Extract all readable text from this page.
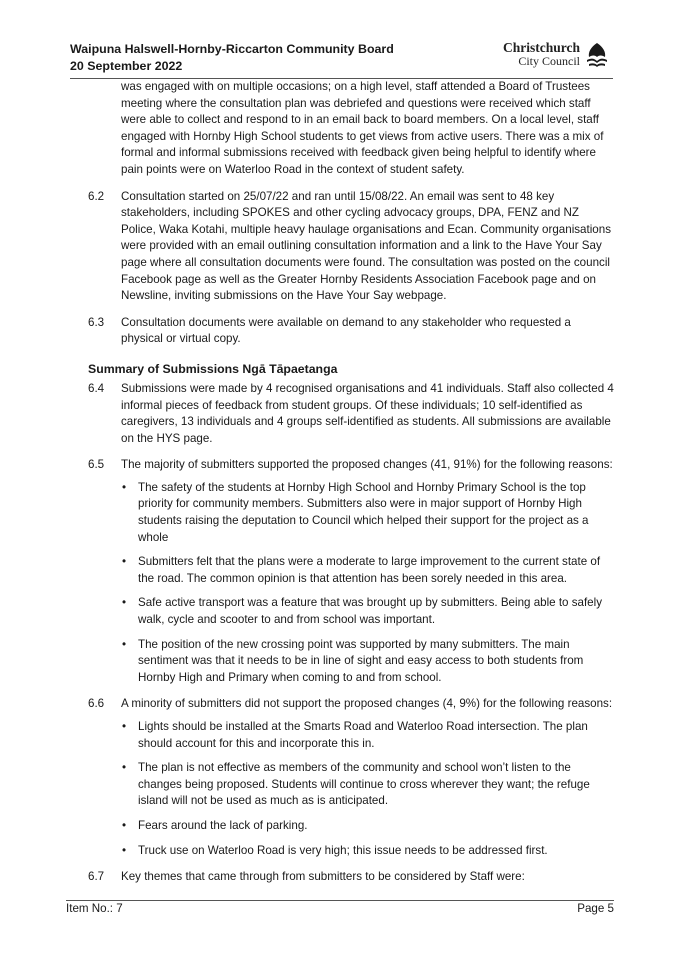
Waipuna Halswell-Hornby-Riccarton Community Board
20 September 2022
Christchurch
City Council
was engaged with on multiple occasions; on a high level, staff attended a Board of Trustees meeting where the consultation plan was debriefed and questions were received which staff were able to collect and respond to in an email back to board members. On a local level, staff engaged with Hornby High School students to get views from active users. There was a mix of formal and informal submissions received with feedback given being helpful to identify where pain points were on Waterloo Road in the context of student safety.
6.2	Consultation started on 25/07/22 and ran until 15/08/22. An email was sent to 48 key stakeholders, including SPOKES and other cycling advocacy groups, DPA, FENZ and NZ Police, Waka Kotahi, multiple heavy haulage organisations and Ecan. Community organisations were provided with an email outlining consultation information and a link to the Have Your Say page where all consultation documents were found. The consultation was posted on the council Facebook page as well as the Greater Hornby Residents Association Facebook page and on Newsline, inviting submissions on the Have Your Say webpage.
6.3	Consultation documents were available on demand to any stakeholder who requested a physical or virtual copy.
Summary of Submissions Ngā Tāpaetanga
6.4	Submissions were made by 4 recognised organisations and 41 individuals. Staff also collected 4 informal pieces of feedback from student groups. Of these individuals; 10 self-identified as caregivers, 13 individuals and 4 groups self-identified as students. All submissions are available on the HYS page.
6.5	The majority of submitters supported the proposed changes (41, 91%) for the following reasons:
• The safety of the students at Hornby High School and Hornby Primary School is the top priority for community members. Submitters also were in major support of Hornby High students raising the deputation to Council which helped their support for the project as a whole
• Submitters felt that the plans were a moderate to large improvement to the current state of the road. The common opinion is that attention has been sorely needed in this area.
• Safe active transport was a feature that was brought up by submitters. Being able to safely walk, cycle and scooter to and from school was important.
• The position of the new crossing point was supported by many submitters. The main sentiment was that it needs to be in line of sight and easy access to both students from Hornby High and Primary when coming to and from school.
6.6	A minority of submitters did not support the proposed changes (4, 9%) for the following reasons:
• Lights should be installed at the Smarts Road and Waterloo Road intersection. The plan should account for this and incorporate this in.
• The plan is not effective as members of the community and school won’t listen to the changes being proposed. Students will continue to cross wherever they want; the refuge island will not be used as much as is anticipated.
• Fears around the lack of parking.
• Truck use on Waterloo Road is very high; this issue needs to be addressed first.
6.7	Key themes that came through from submitters to be considered by Staff were:
Item No.: 7	Page 5
